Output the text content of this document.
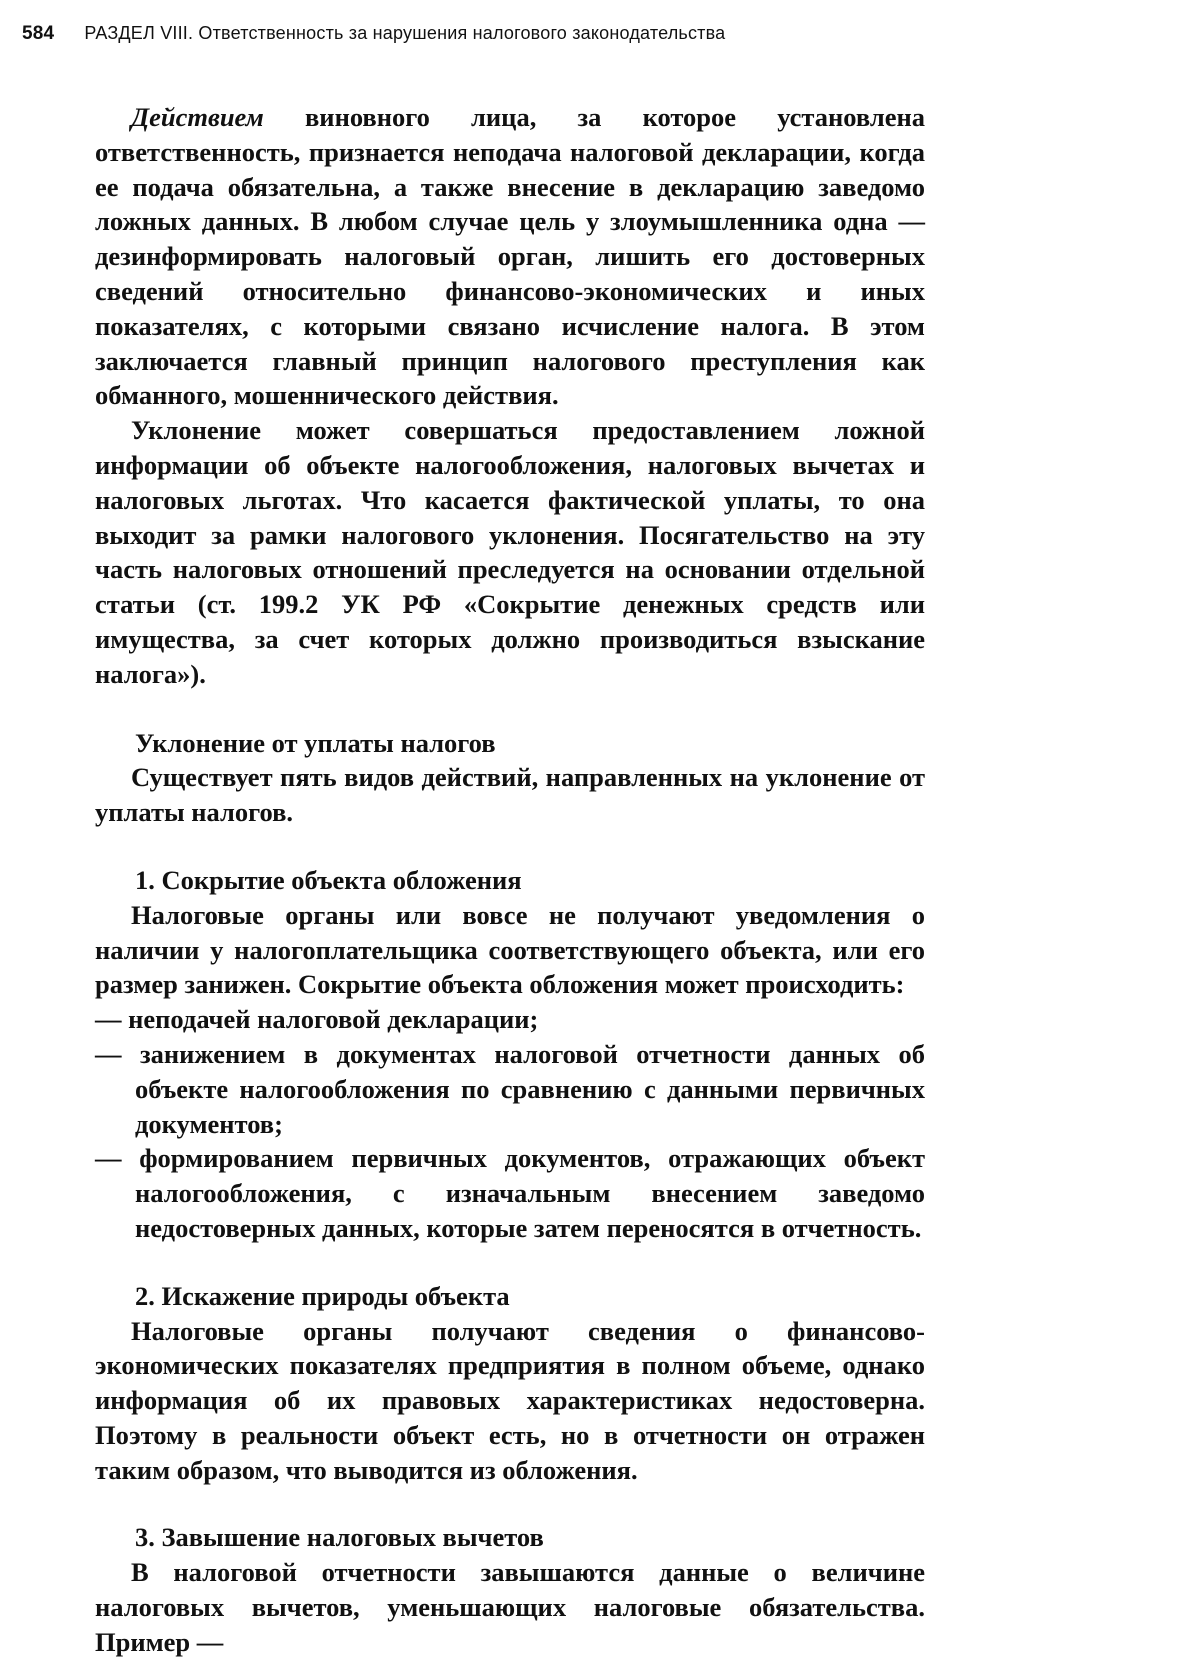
584 РАЗДЕЛ VIII. Ответственность за нарушения налогового законодательства

Действием виновного лица, за которое установлена ответственность, признается неподача налоговой декларации, когда ее подача обязательна, а также внесение в декларацию заведомо ложных данных. В любом случае цель у злоумышленника одна — дезинформировать налоговый орган, лишить его достоверных сведений относительно финансово-экономических и иных показателях, с которыми связано исчисление налога. В этом заключается главный принцип налогового преступления как обманного, мошеннического действия.

Уклонение может совершаться предоставлением ложной информации об объекте налогообложения, налоговых вычетах и налоговых льготах. Что касается фактической уплаты, то она выходит за рамки налогового уклонения. Посягательство на эту часть налоговых отношений преследуется на основании отдельной статьи (ст. 199.2 УК РФ «Сокрытие денежных средств или имущества, за счет которых должно производиться взыскание налога»).

Уклонение от уплаты налогов

Существует пять видов действий, направленных на уклонение от уплаты налогов.

1. Сокрытие объекта обложения

Налоговые органы или вовсе не получают уведомления о наличии у налогоплательщика соответствующего объекта, или его размер занижен. Сокрытие объекта обложения может происходить:

— неподачей налоговой декларации;

— занижением в документах налоговой отчетности данных об объекте налогообложения по сравнению с данными первичных документов;

— формированием первичных документов, отражающих объект налогообложения, с изначальным внесением заведомо недостоверных данных, которые затем переносятся в отчетность.

2. Искажение природы объекта

Налоговые органы получают сведения о финансово-экономических показателях предприятия в полном объеме, однако информация об их правовых характеристиках недостоверна. Поэтому в реальности объект есть, но в отчетности он отражен таким образом, что выводится из обложения.

3. Завышение налоговых вычетов

В налоговой отчетности завышаются данные о величине налоговых вычетов, уменьшающих налоговые обязательства. Пример —
